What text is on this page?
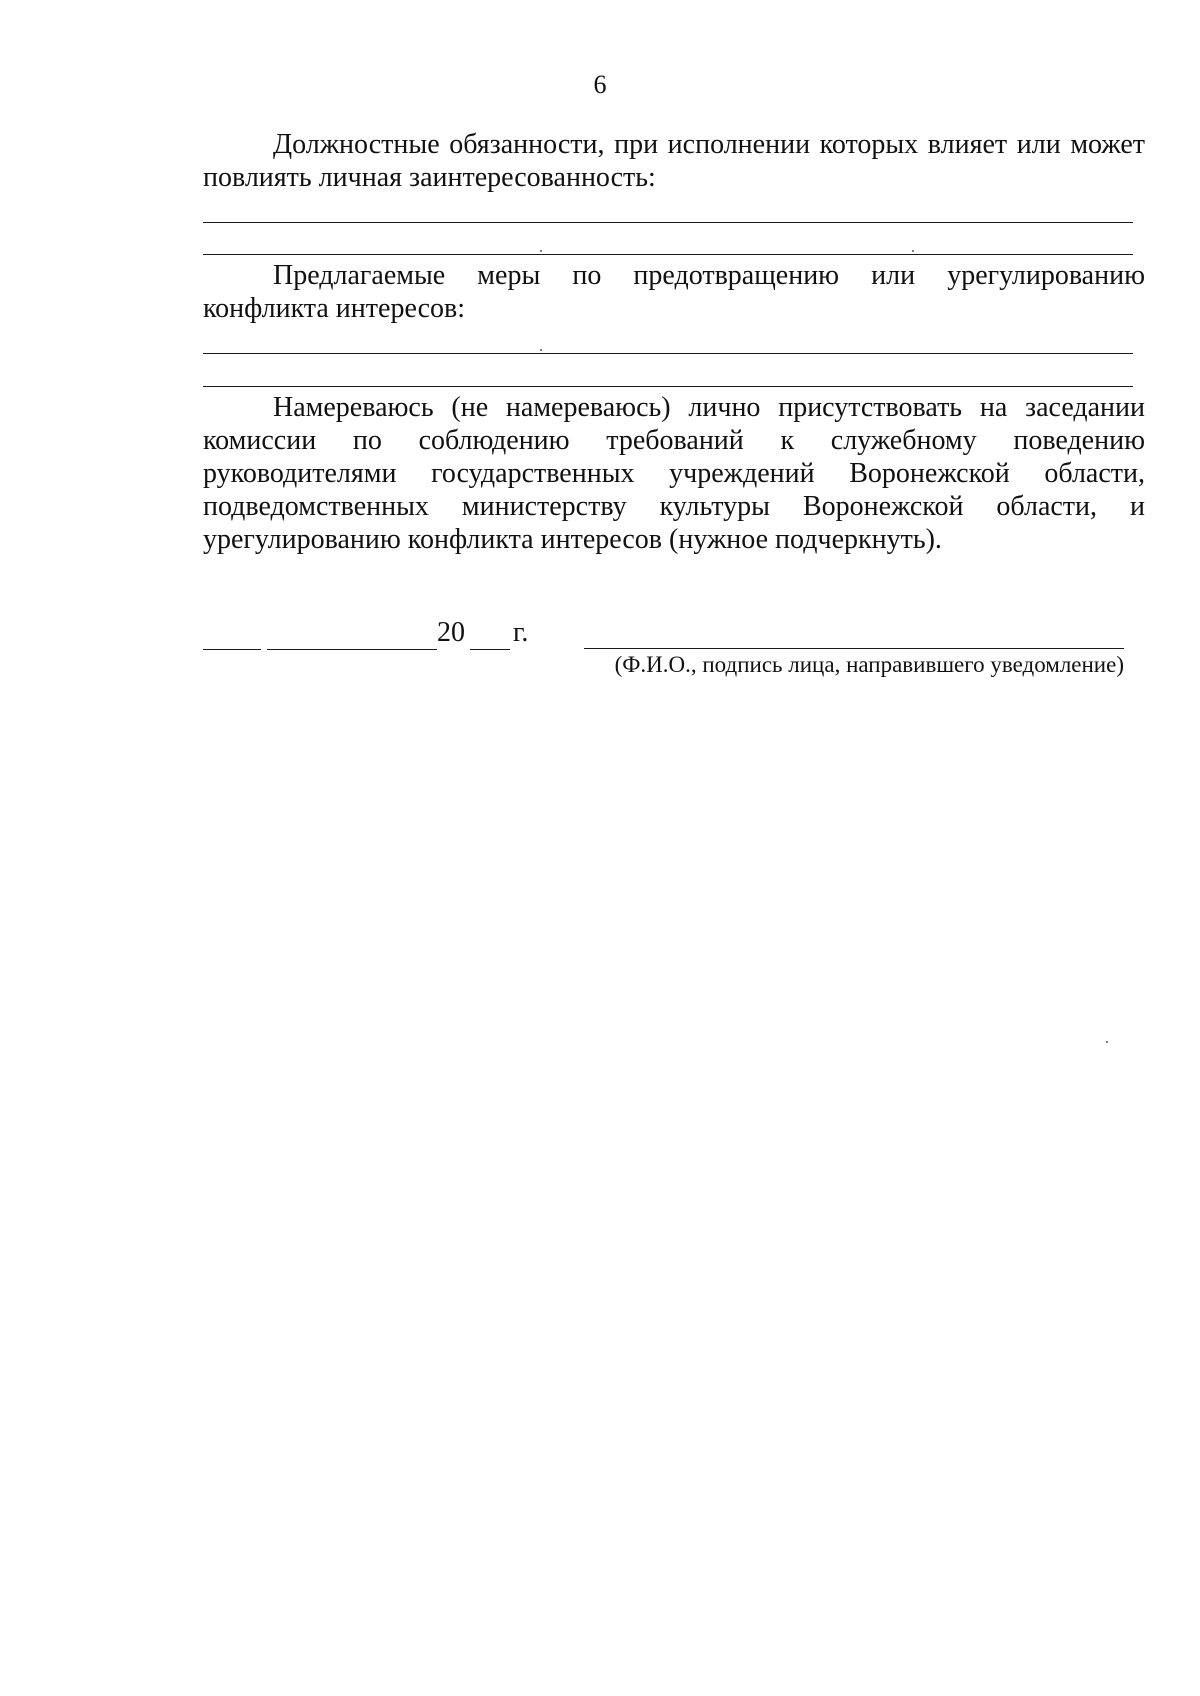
6

Должностные обязанности, при исполнении которых влияет или может повлиять личная заинтересованность:

Предлагаемые меры по предотвращению или урегулированию конфликта интересов:

Намереваюсь (не намереваюсь) лично присутствовать на заседании комиссии по соблюдению требований к служебному поведению руководителями государственных учреждений Воронежской области, подведомственных министерству культуры Воронежской области, и урегулированию конфликта интересов (нужное подчеркнуть).

20 г.
(Ф.И.О., подпись лица, направившего уведомление)
